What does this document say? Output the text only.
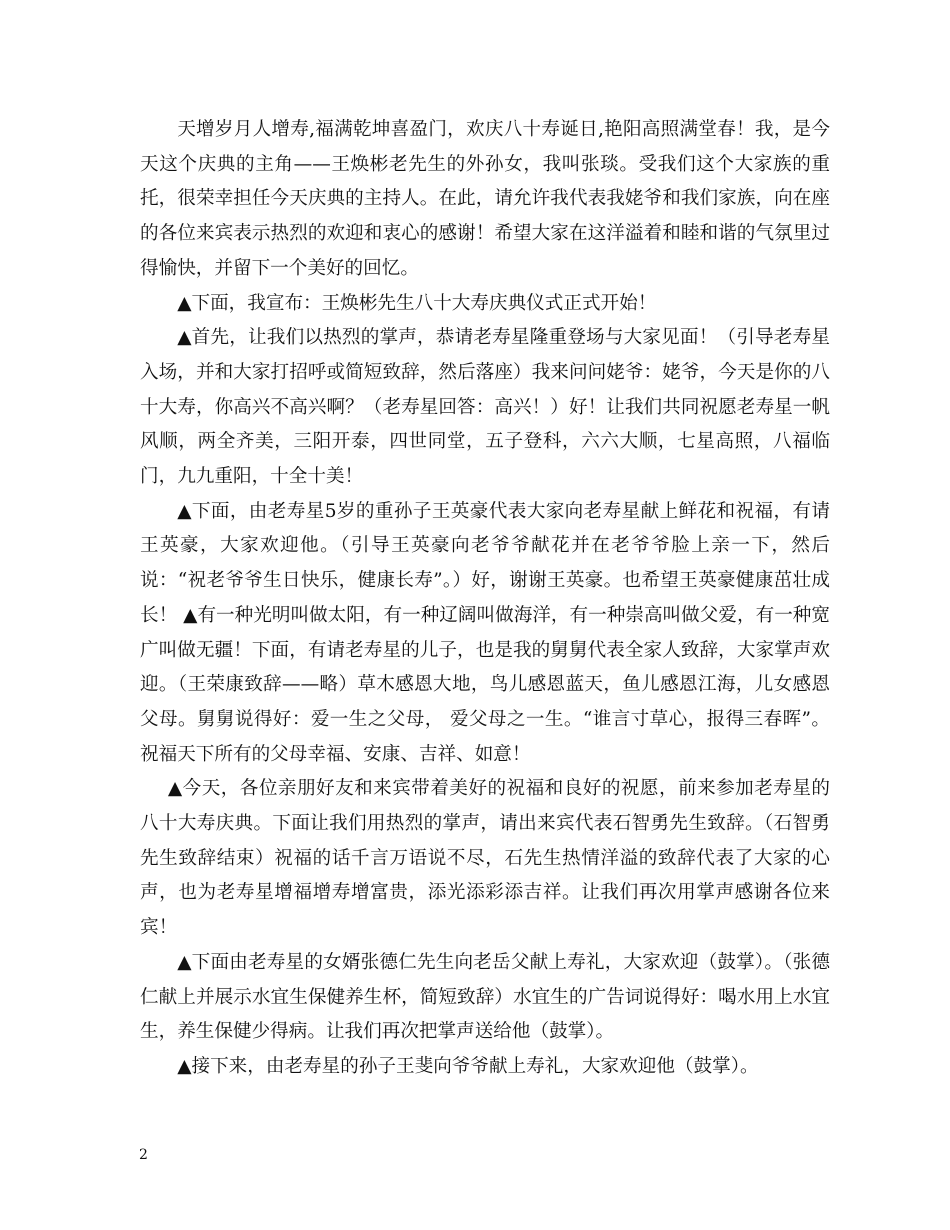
天增岁月人增寿,福满乾坤喜盈门，欢庆八十寿诞日,艳阳高照满堂春！我，是今天这个庆典的主角——王焕彬老先生的外孙女，我叫张琰。受我们这个大家族的重托，很荣幸担任今天庆典的主持人。在此，请允许我代表我姥爷和我们家族，向在座的各位来宾表示热烈的欢迎和衷心的感谢！希望大家在这洋溢着和睦和谐的气氛里过得愉快，并留下一个美好的回忆。

▲下面，我宣布：王焕彬先生八十大寿庆典仪式正式开始！

▲首先，让我们以热烈的掌声，恭请老寿星隆重登场与大家见面！（引导老寿星入场，并和大家打招呼或简短致辞，然后落座）我来问问姥爷：姥爷，今天是你的八十大寿，你高兴不高兴啊？（老寿星回答：高兴！）好！让我们共同祝愿老寿星一帆风顺，两全齐美，三阳开泰，四世同堂，五子登科，六六大顺，七星高照，八福临门，九九重阳，十全十美！

▲下面，由老寿星5岁的重孙子王英豪代表大家向老寿星献上鲜花和祝福，有请王英豪，大家欢迎他。（引导王英豪向老爷爷献花并在老爷爷脸上亲一下，然后说：“祝老爷爷生日快乐，健康长寿”。）好，谢谢王英豪。也希望王英豪健康茁壮成长！ ▲有一种光明叫做太阳，有一种辽阔叫做海洋，有一种崇高叫做父爱，有一种宽广叫做无疆！下面，有请老寿星的儿子，也是我的舅舅代表全家人致辞，大家掌声欢迎。（王荣康致辞——略）草木感恩大地，鸟儿感恩蓝天，鱼儿感恩江海，儿女感恩父母。舅舅说得好：爱一生之父母， 爱父母之一生。“谁言寸草心，报得三春晖”。祝福天下所有的父母幸福、安康、吉祥、如意！

▲今天，各位亲朋好友和来宾带着美好的祝福和良好的祝愿，前来参加老寿星的八十大寿庆典。下面让我们用热烈的掌声，请出来宾代表石智勇先生致辞。（石智勇先生致辞结束）祝福的话千言万语说不尽，石先生热情洋溢的致辞代表了大家的心声，也为老寿星增福增寿增富贵，添光添彩添吉祥。让我们再次用掌声感谢各位来宾！

▲下面由老寿星的女婿张德仁先生向老岳父献上寿礼，大家欢迎（鼓掌）。（张德仁献上并展示水宜生保健养生杯，简短致辞）水宜生的广告词说得好：喝水用上水宜生，养生保健少得病。让我们再次把掌声送给他（鼓掌）。

▲接下来，由老寿星的孙子王斐向爷爷献上寿礼，大家欢迎他（鼓掌）。

2
